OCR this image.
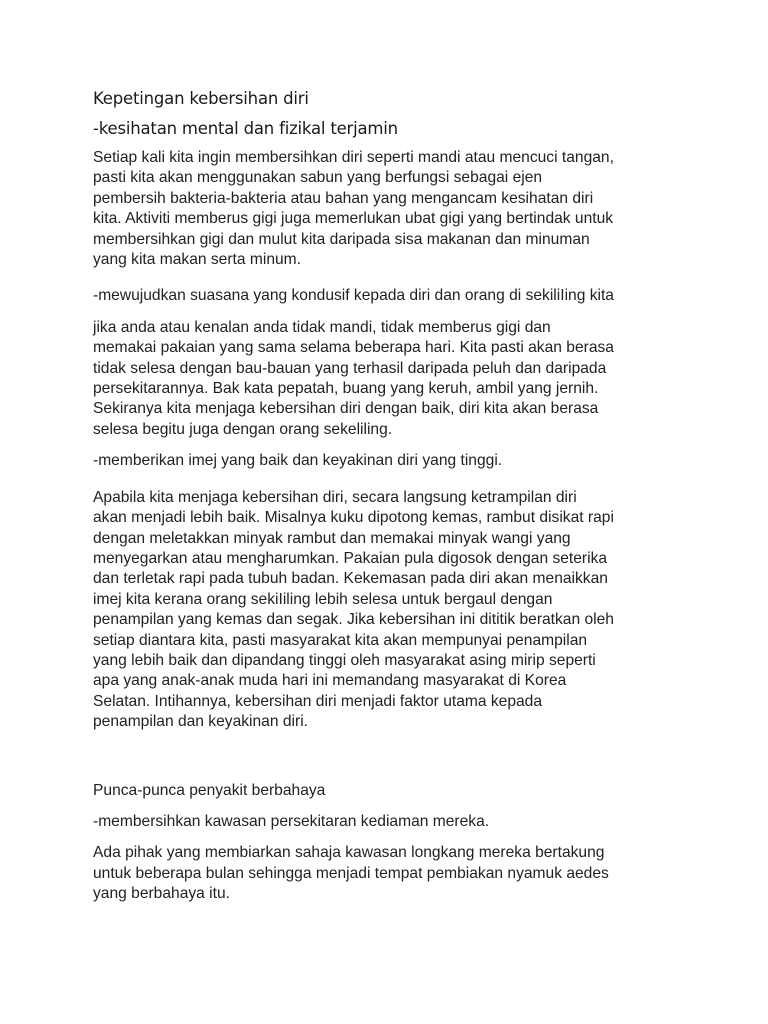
Kepetingan kebersihan diri
-kesihatan mental dan fizikal terjamin
Setiap kali kita ingin membersihkan diri seperti mandi atau mencuci tangan,
pasti kita akan menggunakan sabun yang berfungsi sebagai ejen
pembersih bakteria-bakteria atau bahan yang mengancam kesihatan diri
kita. Aktiviti memberus gigi juga memerlukan ubat gigi yang bertindak untuk
membersihkan gigi dan mulut kita daripada sisa makanan dan minuman
yang kita makan serta minum.
-mewujudkan suasana yang kondusif kepada diri dan orang di sekiliIing kita
jika anda atau kenalan anda tidak mandi, tidak memberus gigi dan
memakai pakaian yang sama selama beberapa hari. Kita pasti akan berasa
tidak selesa dengan bau-bauan yang terhasil daripada peluh dan daripada
persekitarannya. Bak kata pepatah, buang yang keruh, ambil yang jernih.
Sekiranya kita menjaga kebersihan diri dengan baik, diri kita akan berasa
selesa begitu juga dengan orang sekeliling.
-memberikan imej yang baik dan keyakinan diri yang tinggi.
Apabila kita menjaga kebersihan diri, secara langsung ketrampilan diri
akan menjadi lebih baik. Misalnya kuku dipotong kemas, rambut disikat rapi
dengan meletakkan minyak rambut dan memakai minyak wangi yang
menyegarkan atau mengharumkan. Pakaian pula digosok dengan seterika
dan terletak rapi pada tubuh badan. Kekemasan pada diri akan menaikkan
imej kita kerana orang sekiIiling lebih selesa untuk bergaul dengan
penampilan yang kemas dan segak. Jika kebersihan ini dititik beratkan oleh
setiap diantara kita, pasti masyarakat kita akan mempunyai penampilan
yang lebih baik dan dipandang tinggi oleh masyarakat asing mirip seperti
apa yang anak-anak muda hari ini memandang masyarakat di Korea
Selatan. Intihannya, kebersihan diri menjadi faktor utama kepada
penampilan dan keyakinan diri.
Punca-punca penyakit berbahaya
-membersihkan kawasan persekitaran kediaman mereka.
Ada pihak yang membiarkan sahaja kawasan longkang mereka bertakung
untuk beberapa bulan sehingga menjadi tempat pembiakan nyamuk aedes
yang berbahaya itu.
